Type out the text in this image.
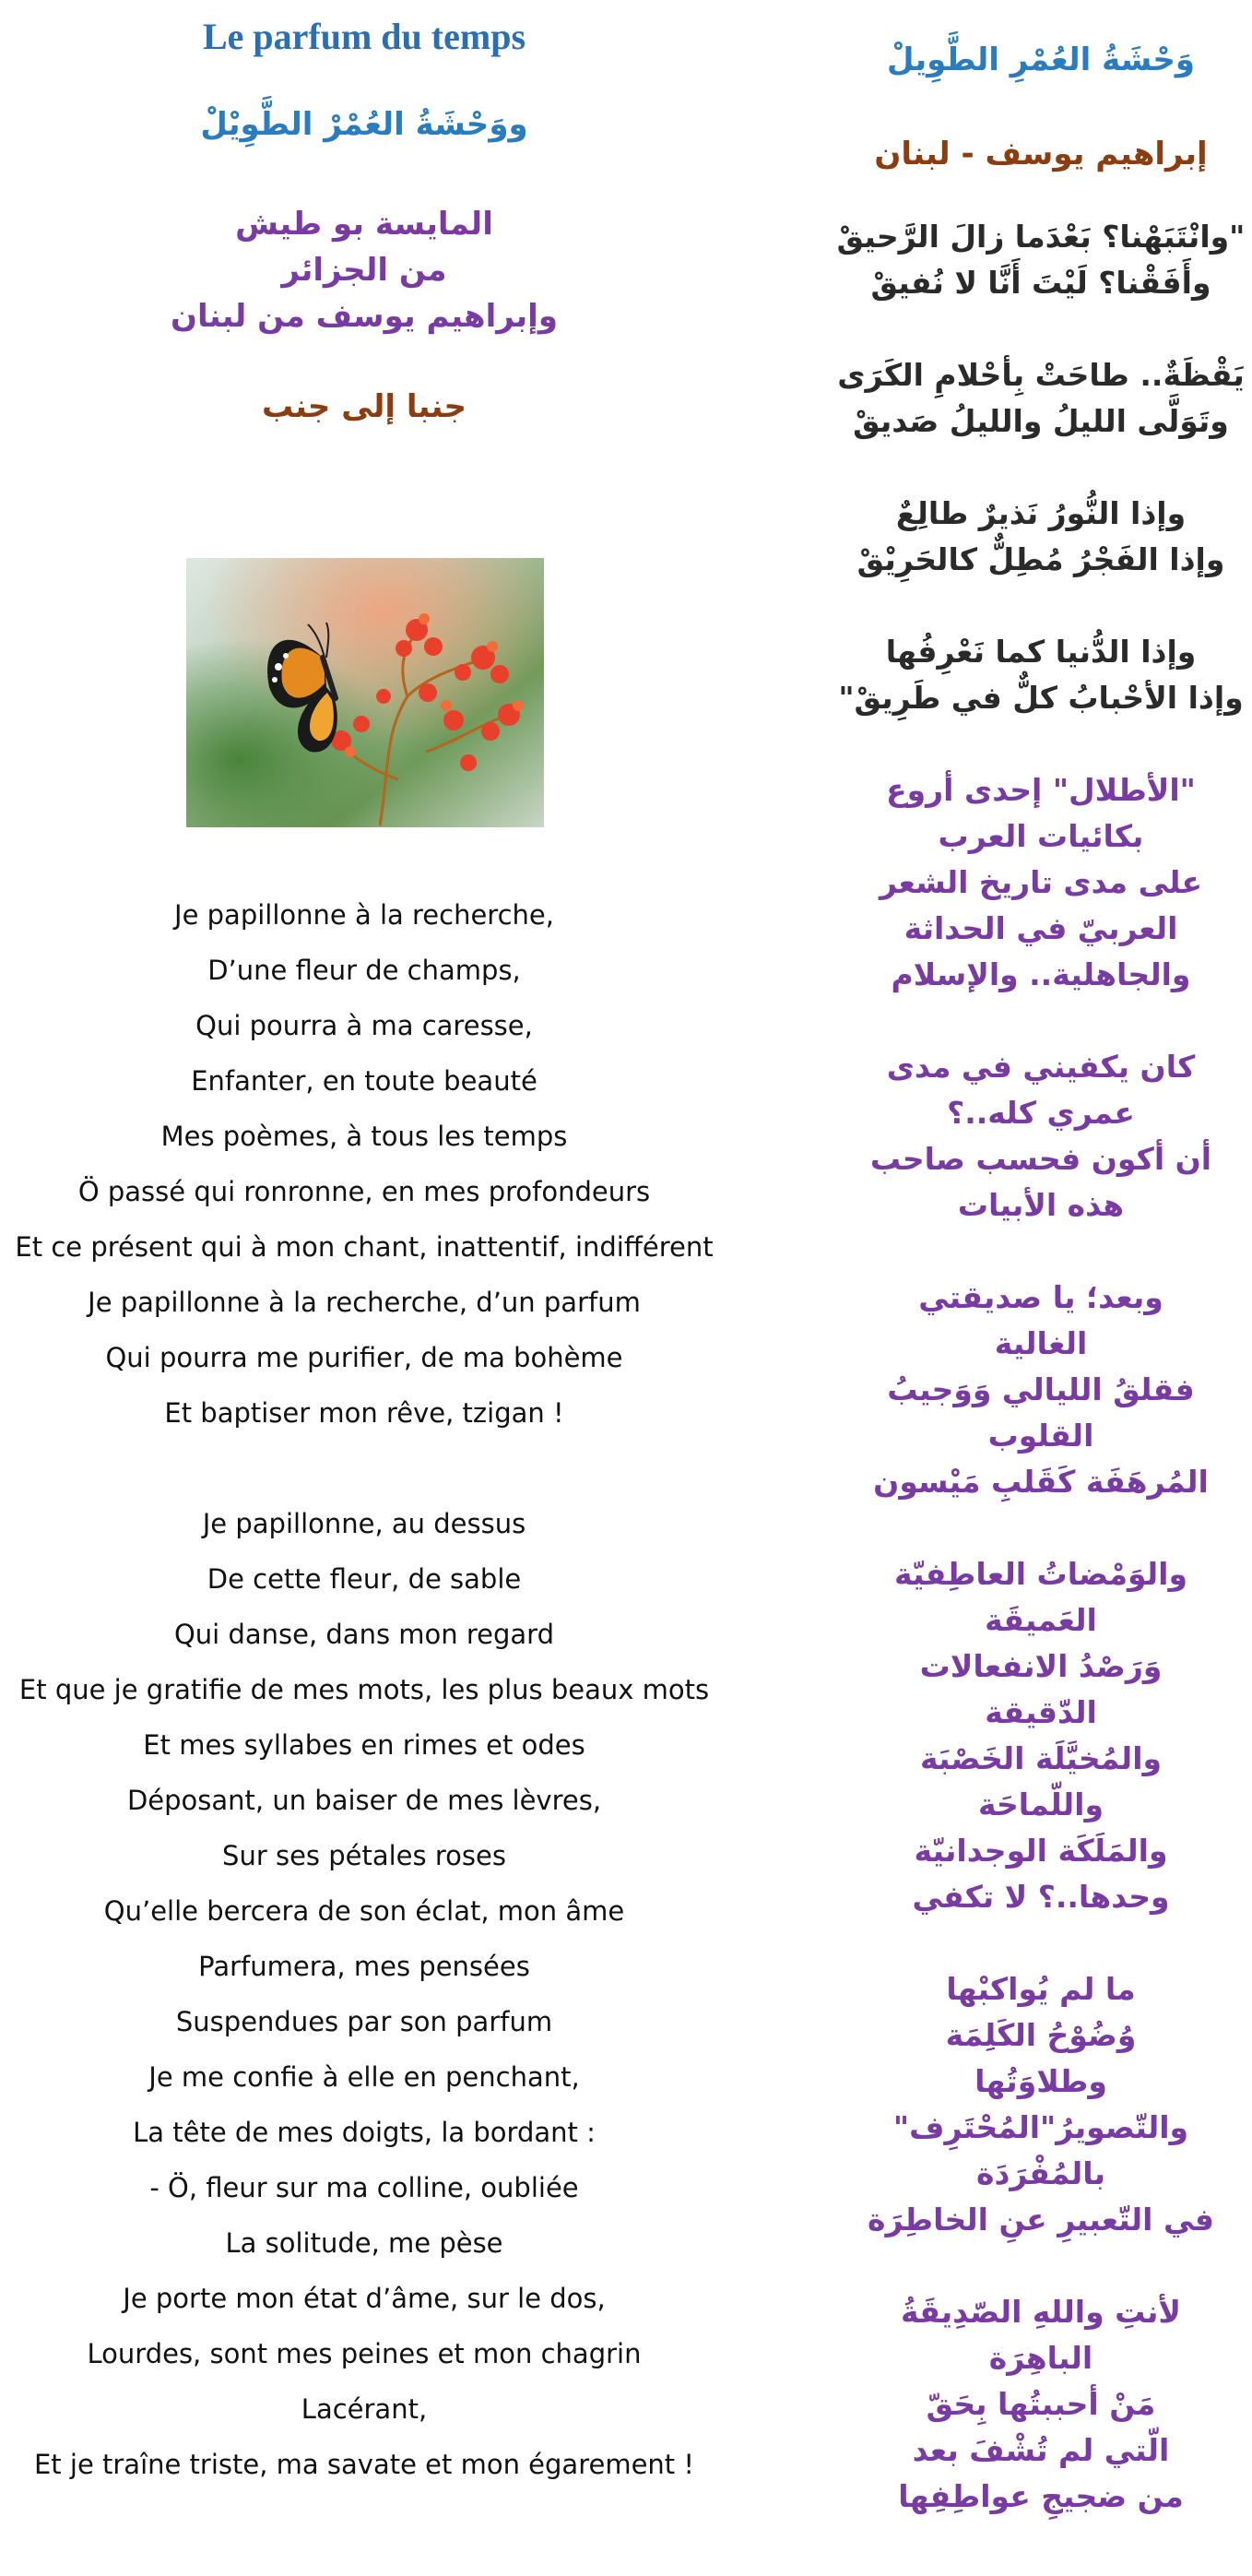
Le parfum du temps
ووَحْشَةُ العُمْرْ الطَّوِيْلْ
المايسة بو طيش
من الجزائر
وإبراهيم يوسف من لبنان
جنبا إلى جنب
Je papillonne à la recherche,
D’une fleur de champs,
Qui pourra à ma caresse,
Enfanter, en toute beauté
Mes poèmes, à tous les temps
Ö passé qui ronronne, en mes profondeurs
Et ce présent qui à mon chant, inattentif, indifférent
Je papillonne à la recherche, d’un parfum
Qui pourra me purifier, de ma bohème
Et baptiser mon rêve, tzigan !
Je papillonne, au dessus
De cette fleur, de sable
Qui danse, dans mon regard
Et que je gratifie de mes mots, les plus beaux mots
Et mes syllabes en rimes et odes
Déposant, un baiser de mes lèvres,
Sur ses pétales roses
Qu’elle bercera de son éclat, mon âme
Parfumera, mes pensées
Suspendues par son parfum
Je me confie à elle en penchant,
La tête de mes doigts, la bordant :
- Ö, fleur sur ma colline, oubliée
La solitude, me pèse
Je porte mon état d’âme, sur le dos,
Lourdes, sont mes peines et mon chagrin
Lacérant,
Et je traîne triste, ma savate et mon égarement !
وَحْشَةُ العُمْرِ الطَّوِيلْ
إبراهيم يوسف - لبنان
"وانْتَبَهْنا؟ بَعْدَما زالَ الرَّحيقْ
وأَفَقْنا؟ لَيْتَ أَنَّا لا نُفيقْ
يَقْظَةٌ.. طاحَتْ بِأحْلامِ الكَرَى
وتَوَلَّى الليلُ والليلُ صَديقْ
وإذا النُّورُ نَذيرٌ طالِعٌ
وإذا الفَجْرُ مُطِلٌّ كالحَرِيْقْ
وإذا الدُّنيا كما نَعْرِفُها
وإذا الأحْبابُ كلٌّ في طَرِيقْ"
"الأطلال" إحدى أروع
بكائيات العرب
على مدى تاريخ الشعر
العربيّ في الحداثة
والجاهلية.. والإسلام
كان يكفيني في مدى
عمري كله..؟
أن أكون فحسب صاحب
هذه الأبيات
وبعد؛ يا صديقتي
الغالية
فقلقُ الليالي وَوَجيبُ
القلوب
المُرهَفَة كَقَلبِ مَيْسون
والوَمْضاتُ العاطِفيّة
العَميقَة
وَرَصْدُ الانفعالات
الدّقيقة
والمُخيَّلَة الخَصْبَة
واللّماحَة
والمَلَكَة الوجدانيّة
وحدها..؟ لا تكفي
ما لم يُواكبْها
وُضُوْحُ الكَلِمَة
وطلاوَتُها
والتّصويرُ"المُحْتَرِف"
بالمُفْرَدَة
في التّعبيرِ عنِ الخاطِرَة
لأنتِ واللهِ الصّدِيقَةُ
الباهِرَة
مَنْ أحببتُها بِحَقّ
الّتي لم تُشْفَ بعد
من ضجيجِ عواطِفِها
